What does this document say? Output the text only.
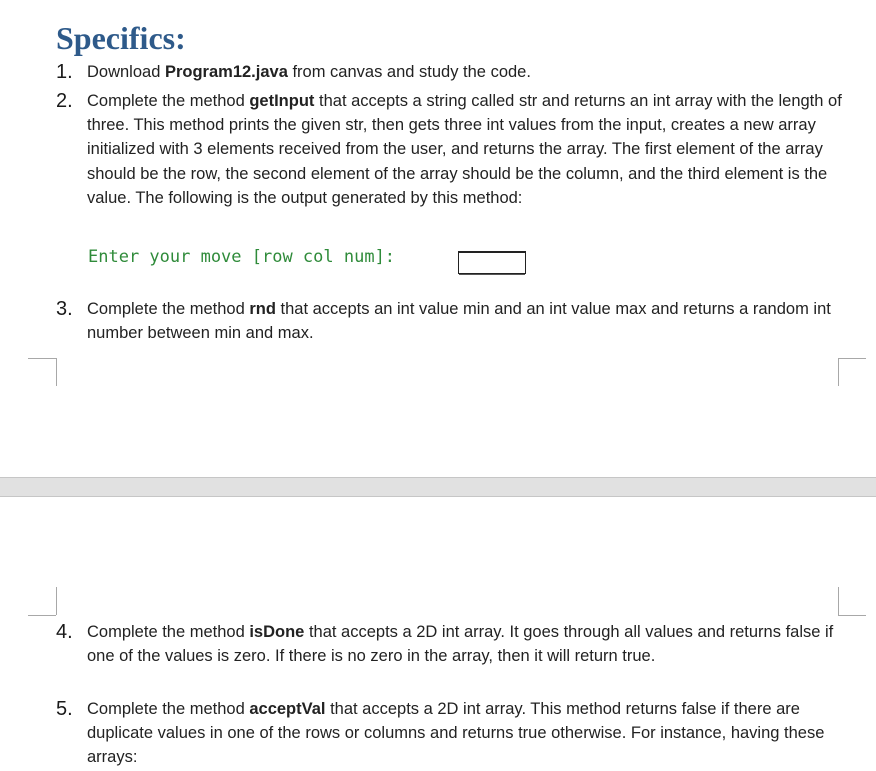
Specifics:
1. Download Program12.java from canvas and study the code.
2. Complete the method getInput that accepts a string called str and returns an int array with the length of three. This method prints the given str, then gets three int values from the input, creates a new array initialized with 3 elements received from the user, and returns the array. The first element of the array should be the row, the second element of the array should be the column, and the third element is the value. The following is the output generated by this method:
Enter your move [row col num]:
3. Complete the method rnd that accepts an int value min and an int value max and returns a random int number between min and max.
4. Complete the method isDone that accepts a 2D int array. It goes through all values and returns false if one of the values is zero. If there is no zero in the array, then it will return true.
5. Complete the method acceptVal that accepts a 2D int array. This method returns false if there are duplicate values in one of the rows or columns and returns true otherwise. For instance, having these arrays:
